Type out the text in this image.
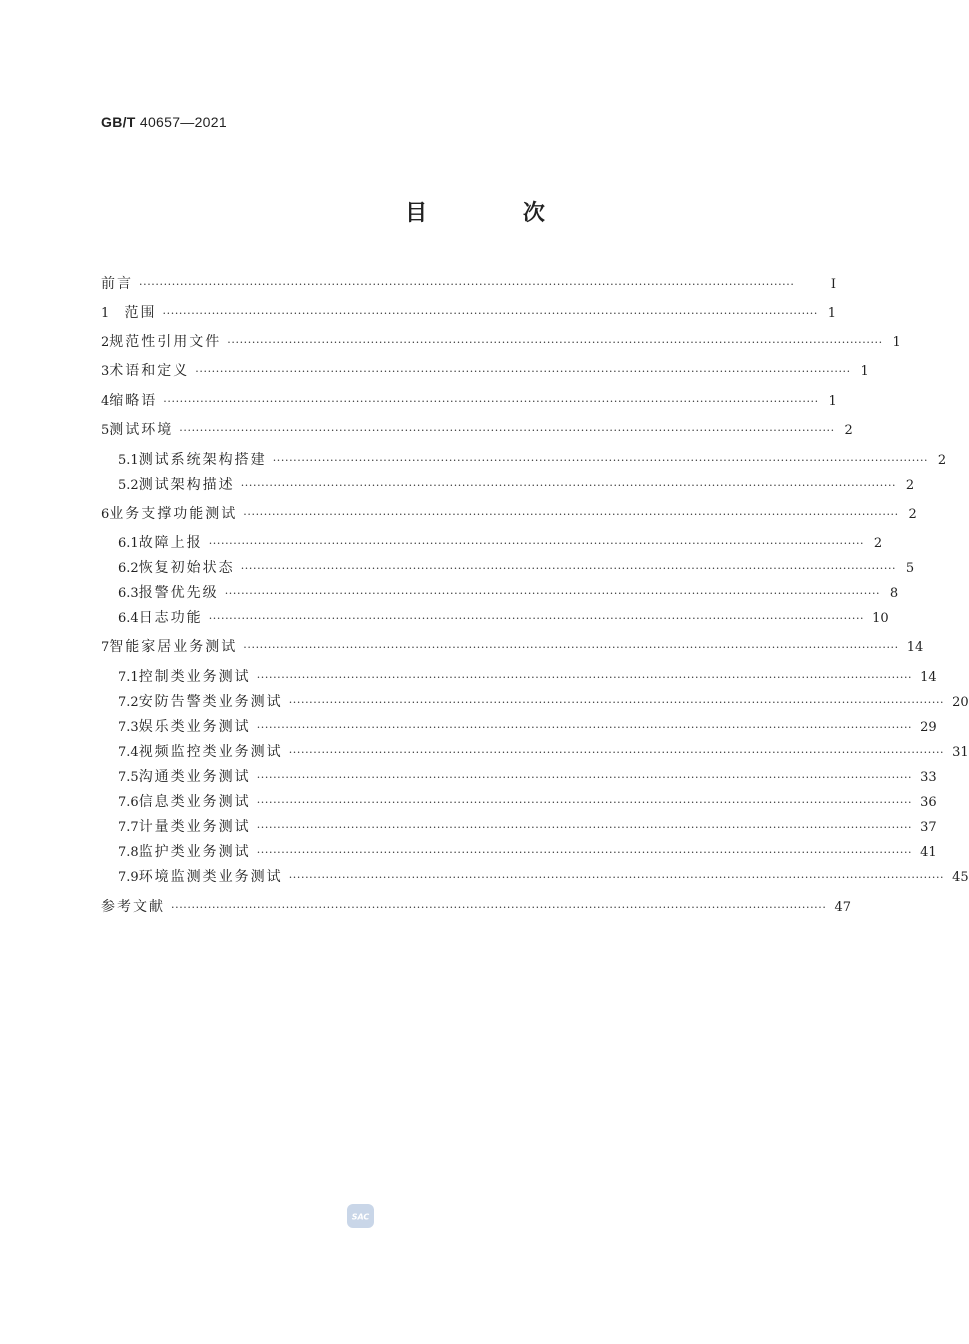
GB/T 40657—2021
目 次
前言 ································································································································································	Ⅰ
1	范围 ································································································································································ 1
2 规范性引用文件 ································································································································································ 1
3 术语和定义 ································································································································································ 1
4 缩略语 ································································································································································ 1
5 测试环境 ································································································································································ 2
5.1 测试系统架构搭建 ································································································································································ 2
5.2 测试架构描述 ································································································································································ 2
6 业务支撑功能测试 ································································································································································ 2
6.1 故障上报 ································································································································································ 2
6.2 恢复初始状态 ································································································································································ 5
6.3 报警优先级 ································································································································································ 8
6.4 日志功能 ································································································································································ 10
7 智能家居业务测试 ································································································································································ 14
7.1 控制类业务测试 ································································································································································ 14
7.2 安防告警类业务测试 ································································································································································ 20
7.3 娱乐类业务测试 ································································································································································ 29
7.4 视频监控类业务测试 ································································································································································ 31
7.5 沟通类业务测试 ································································································································································ 33
7.6 信息类业务测试 ································································································································································ 36
7.7 计量类业务测试 ································································································································································ 37
7.8 监护类业务测试 ································································································································································ 41
7.9 环境监测类业务测试 ································································································································································ 45
参考文献 ································································································································································ 47
SAC
